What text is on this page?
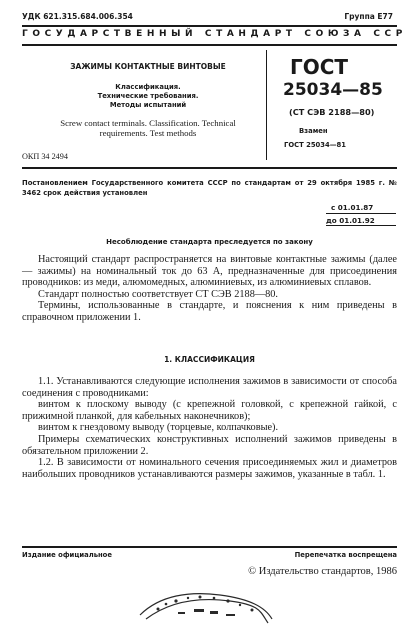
УДК 621.315.684.006.354	Группа Е77
ГОСУДАРСТВЕННЫЙ СТАНДАРТ СОЮЗА ССР
ЗАЖИМЫ КОНТАКТНЫЕ ВИНТОВЫЕ
Классификация.
Технические требования.
Методы испытаний
Screw contact terminals. Classification. Technical requirements. Test methods
ГОСТ
25034—85
(СТ СЭВ 2188—80)
Взамен
ГОСТ 25034—81
ОКП 34 2494
Постановлением Государственного комитета СССР по стандартам от 29 октября 1985 г. № 3462 срок действия установлен
с 01.01.87
до 01.01.92
Несоблюдение стандарта преследуется по закону

Настоящий стандарт распространяется на винтовые контактные зажимы (далее — зажимы) на номинальный ток до 63 А, предназначенные для присоединения проводников: из меди, алюмомедных, алюминиевых, из алюминиевых сплавов.

Стандарт полностью соответствует СТ СЭВ 2188—80.

Термины, использованные в стандарте, и пояснения к ним приведены в справочном приложении 1.

1. КЛАССИФИКАЦИЯ

1.1. Устанавливаются следующие исполнения зажимов в зависимости от способа соединения с проводниками:

винтом к плоскому выводу (с крепежной головкой, с крепежной гайкой, с прижимной планкой, для кабельных наконечников);

винтом к гнездовому выводу (торцевые, колпачковые).

Примеры схематических конструктивных исполнений зажимов приведены в обязательном приложении 2.

1.2. В зависимости от номинального сечения присоединяемых жил и диаметров наибольших проводников устанавливаются размеры зажимов, указанные в табл. 1.

Издание официальное	Перепечатка воспрещена
© Издательство стандартов, 1986
